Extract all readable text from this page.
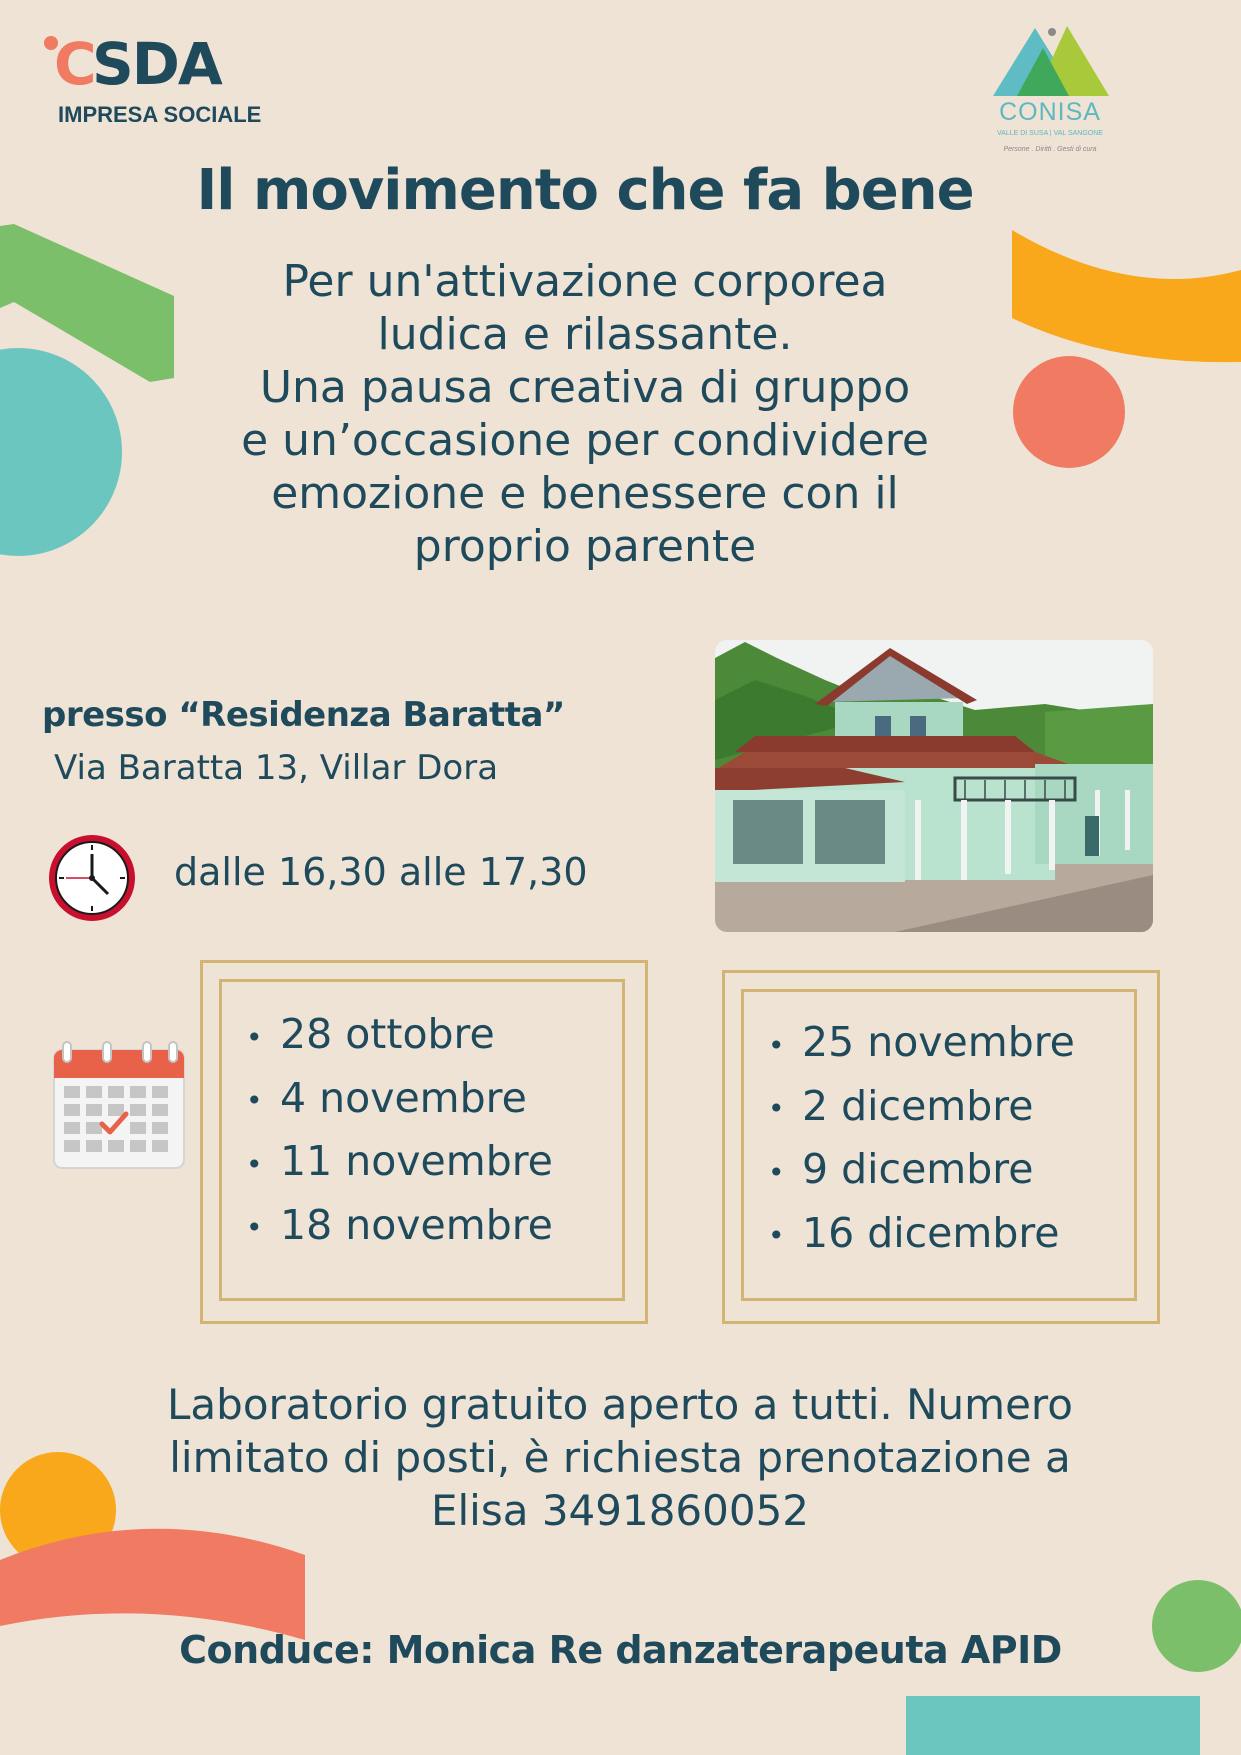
C
SDA
IMPRESA SOCIALE	CONISA
VALLE DI SUSA | VAL SANGONE
Persone . Diritti . Gesti di cura
Il movimento che fa bene
Per un'attivazione corporea
ludica e rilassante.
Una pausa creativa di gruppo
e un’occasione per condividere
emozione e benessere con il
proprio parente
presso “Residenza Baratta”
Via Baratta 13, Villar Dora
dalle 16,30 alle 17,30
• 28 ottobre
• 4 novembre
• 11 novembre
• 18 novembre
• 25 novembre
• 2 dicembre
• 9 dicembre
• 16 dicembre
Laboratorio gratuito aperto a tutti. Numero
limitato di posti, è richiesta prenotazione a
Elisa 3491860052
Conduce: Monica Re danzaterapeuta APID
